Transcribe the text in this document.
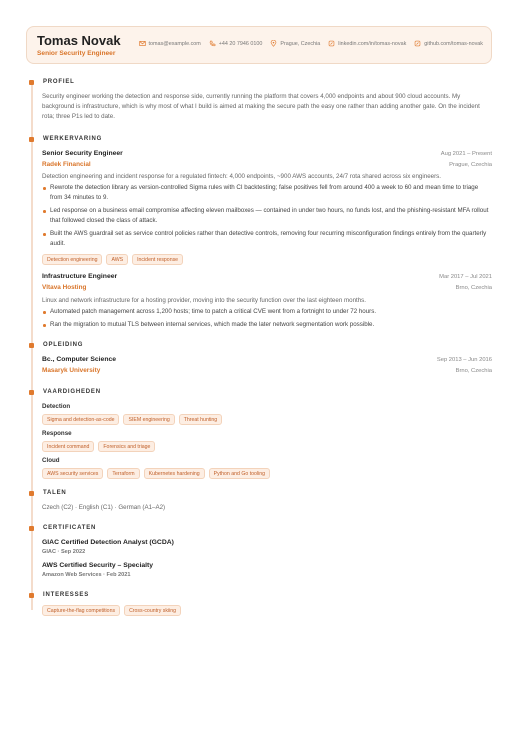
Tomas Novak
Senior Security Engineer
tomas@example.com	+44 20 7946 0100	Prague, Czechia	linkedin.com/in/tomas-novak	github.com/tomas-novak
PROFIEL
Security engineer working the detection and response side, currently running the platform that covers 4,000 endpoints and about 900 cloud accounts. My background is infrastructure, which is why most of what I build is aimed at making the secure path the easy one rather than adding another gate. On the incident rota; three P1s led to date.
WERKERVARING
Senior Security Engineer	Aug 2021 – Present
Radek Financial	Prague, Czechia
Detection engineering and incident response for a regulated fintech: 4,000 endpoints, ~900 AWS accounts, 24/7 rota shared across six engineers.
Rewrote the detection library as version-controlled Sigma rules with CI backtesting; false positives fell from around 400 a week to 60 and mean time to triage from 34 minutes to 9.
Led response on a business email compromise affecting eleven mailboxes — contained in under two hours, no funds lost, and the phishing-resistant MFA rollout that followed closed the class of attack.
Built the AWS guardrail set as service control policies rather than detective controls, removing four recurring misconfiguration findings entirely from the quarterly audit.
Detection engineering	AWS	Incident response
Infrastructure Engineer	Mar 2017 – Jul 2021
Vltava Hosting	Brno, Czechia
Linux and network infrastructure for a hosting provider, moving into the security function over the last eighteen months.
Automated patch management across 1,200 hosts; time to patch a critical CVE went from a fortnight to under 72 hours.
Ran the migration to mutual TLS between internal services, which made the later network segmentation work possible.
OPLEIDING
Bc., Computer Science	Sep 2013 – Jun 2016
Masaryk University	Brno, Czechia
VAARDIGHEDEN
Detection
Sigma and detection-as-code	SIEM engineering	Threat hunting
Response
Incident command	Forensics and triage
Cloud
AWS security services	Terraform	Kubernetes hardening	Python and Go tooling
TALEN
Czech (C2) · English (C1) · German (A1–A2)
CERTIFICATEN
GIAC Certified Detection Analyst (GCDA)
GIAC · Sep 2022
AWS Certified Security – Specialty
Amazon Web Services · Feb 2021
INTERESSES
Capture-the-flag competitions	Cross-country skiing
